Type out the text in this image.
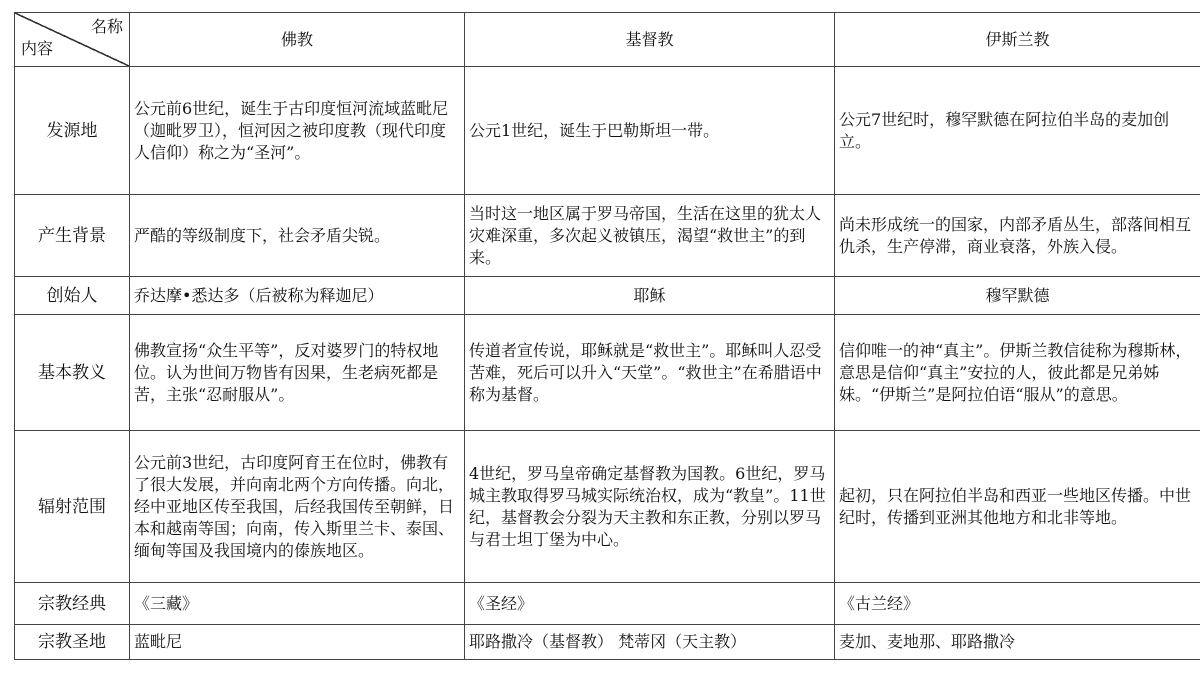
名称
内容	佛教	基督教	伊斯兰教
发源地	公元前6世纪，诞生于古印度恒河流域蓝毗尼（迦毗罗卫），恒河因之被印度教（现代印度人信仰）称之为“圣河”。	公元1世纪，诞生于巴勒斯坦一带。	公元7世纪时，穆罕默德在阿拉伯半岛的麦加创立。
产生背景	严酷的等级制度下，社会矛盾尖锐。	当时这一地区属于罗马帝国，生活在这里的犹太人灾难深重，多次起义被镇压，渴望“救世主”的到来。	尚未形成统一的国家，内部矛盾丛生，部落间相互仇杀，生产停滞，商业衰落，外族入侵。
创始人	乔达摩•悉达多（后被称为释迦尼）	耶稣	穆罕默德
基本教义	佛教宣扬“众生平等”，反对婆罗门的特权地位。认为世间万物皆有因果，生老病死都是苦，主张“忍耐服从”。	传道者宣传说，耶稣就是“救世主”。耶稣叫人忍受苦难，死后可以升入“天堂”。“救世主”在希腊语中称为基督。	信仰唯一的神“真主”。伊斯兰教信徒称为穆斯林，意思是信仰“真主”安拉的人，彼此都是兄弟姊妹。“伊斯兰”是阿拉伯语“服从”的意思。
辐射范围	公元前3世纪，古印度阿育王在位时，佛教有了很大发展，并向南北两个方向传播。向北，经中亚地区传至我国，后经我国传至朝鲜，日本和越南等国；向南，传入斯里兰卡、泰国、缅甸等国及我国境内的傣族地区。	4世纪，罗马皇帝确定基督教为国教。6世纪，罗马城主教取得罗马城实际统治权，成为“教皇”。11世纪，基督教会分裂为天主教和东正教，分别以罗马与君士坦丁堡为中心。	起初，只在阿拉伯半岛和西亚一些地区传播。中世纪时，传播到亚洲其他地方和北非等地。
宗教经典	《三藏》	《圣经》	《古兰经》
宗教圣地	蓝毗尼	耶路撒冷（基督教） 梵蒂冈（天主教）	麦加、麦地那、耶路撒冷
